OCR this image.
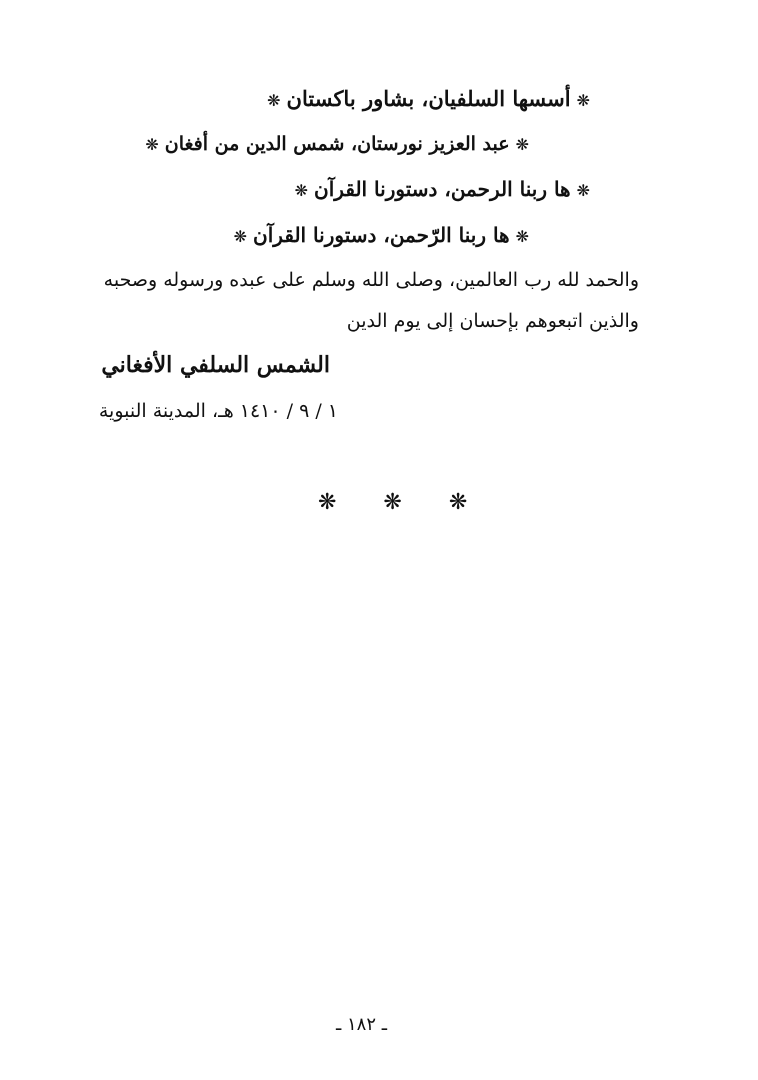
❋أسسها السلفيان، بشاور باكستان❋
❋عبد العزيز نورستان، شمس الدين من أفغان❋
❋ها ربنا الرحمن، دستورنا القرآن❋
❋ها ربنا الرّحمن، دستورنا القرآن❋
والحمد لله رب العالمين، وصلى الله وسلم على عبده ورسوله وصحبه
والذين اتبعوهم بإحسان إلى يوم الدين
الشمس السلفي الأفغاني
١ / ٩ / ١٤١٠ هـ، المدينة النبوية
❋ ❋ ❋
ـ ١٨٢ ـ
